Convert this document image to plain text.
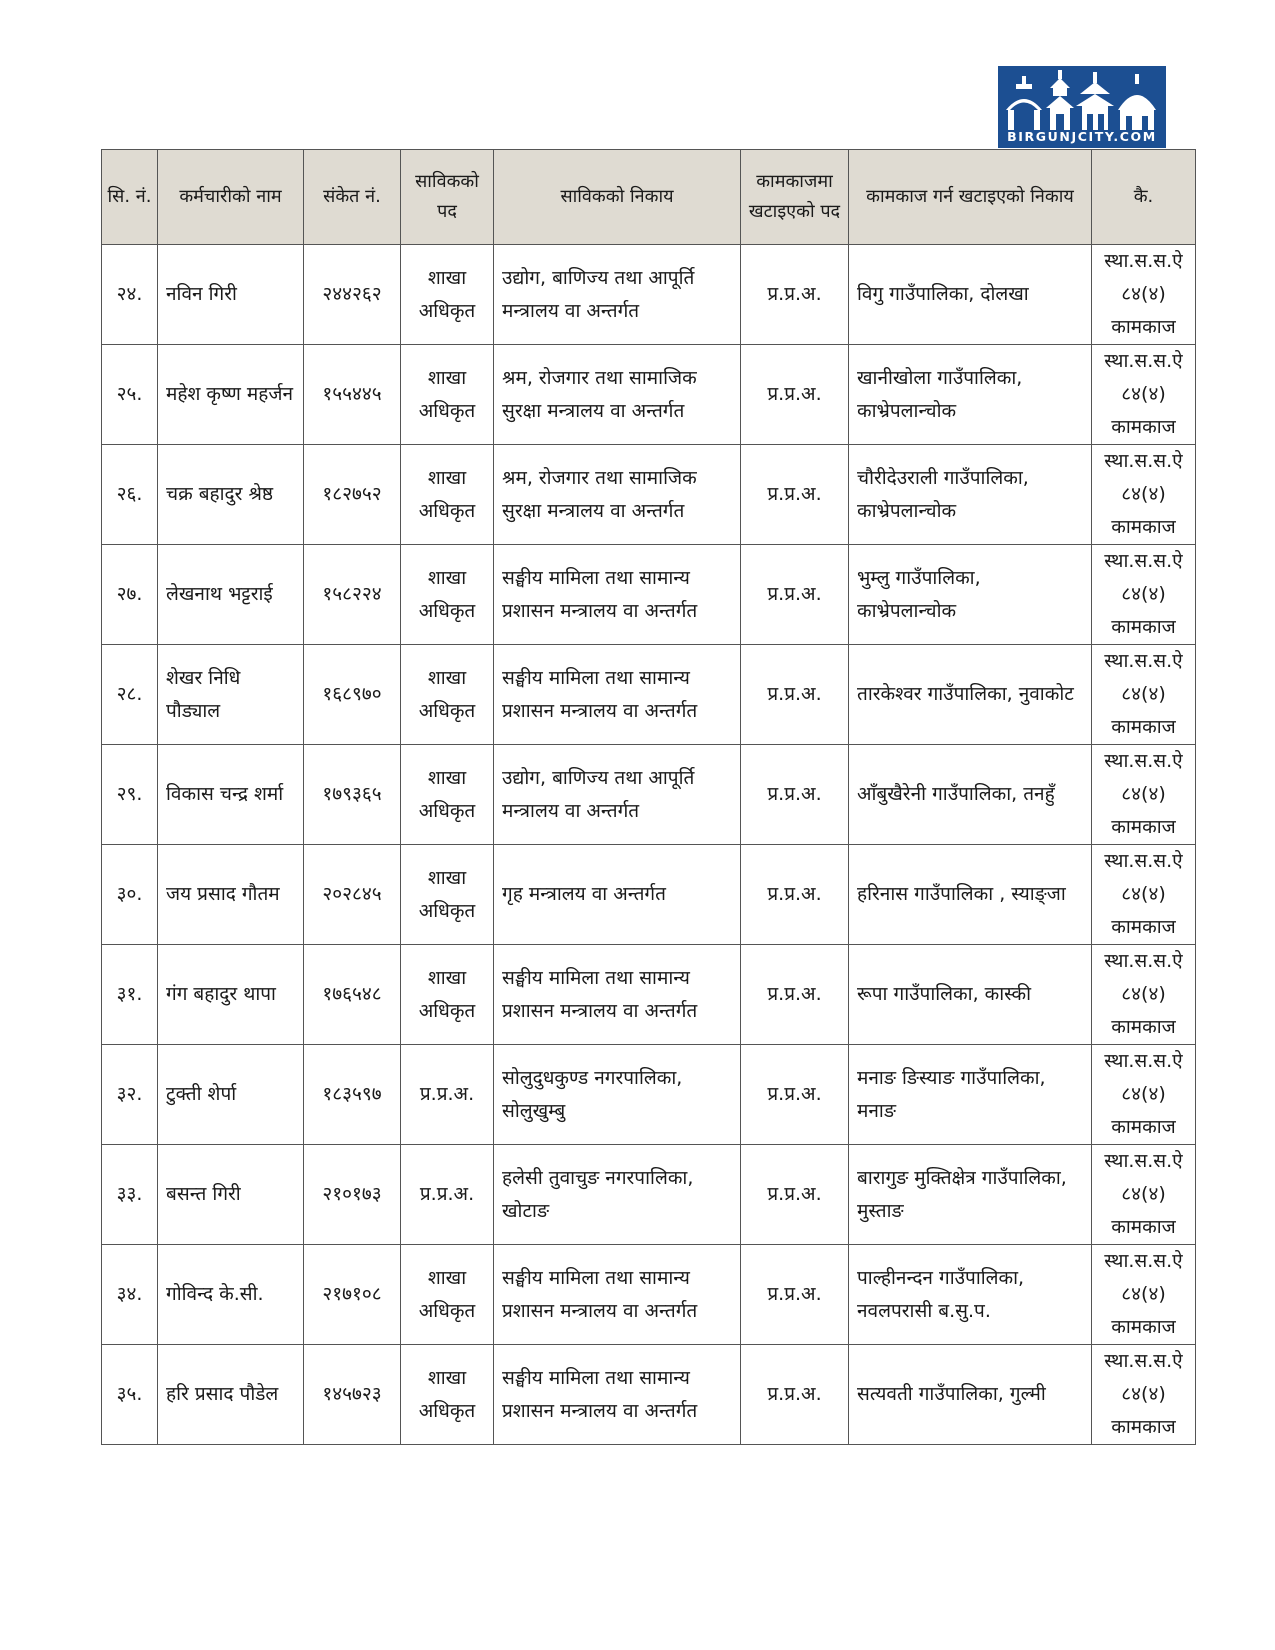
BIRGUNJCITY.COM
सि. नं.	कर्मचारीको नाम	संकेत नं.	साविकको पद	साविकको निकाय	कामकाजमा खटाइएको पद	कामकाज गर्न खटाइएको निकाय	कै.
२४.	नविन गिरी	२४४२६२	शाखा अधिकृत	उद्योग, बाणिज्य तथा आपूर्ति मन्त्रालय वा अन्तर्गत	प्र.प्र.अ.	विगु गाउँपालिका, दोलखा	स्था.स.स.ऐ ८४(४) कामकाज
२५.	महेश कृष्ण महर्जन	१५५४४५	शाखा अधिकृत	श्रम, रोजगार तथा सामाजिक सुरक्षा मन्त्रालय वा अन्तर्गत	प्र.प्र.अ.	खानीखोला गाउँपालिका, काभ्रेपलान्चोक	स्था.स.स.ऐ ८४(४) कामकाज
२६.	चक्र बहादुर श्रेष्ठ	१८२७५२	शाखा अधिकृत	श्रम, रोजगार तथा सामाजिक सुरक्षा मन्त्रालय वा अन्तर्गत	प्र.प्र.अ.	चौरीदेउराली गाउँपालिका, काभ्रेपलान्चोक	स्था.स.स.ऐ ८४(४) कामकाज
२७.	लेखनाथ भट्टराई	१५८२२४	शाखा अधिकृत	सङ्घीय मामिला तथा सामान्य प्रशासन मन्त्रालय वा अन्तर्गत	प्र.प्र.अ.	भुम्लु गाउँपालिका, काभ्रेपलान्चोक	स्था.स.स.ऐ ८४(४) कामकाज
२८.	शेखर निधि पौड्याल	१६८९७०	शाखा अधिकृत	सङ्घीय मामिला तथा सामान्य प्रशासन मन्त्रालय वा अन्तर्गत	प्र.प्र.अ.	तारकेश्वर गाउँपालिका, नुवाकोट	स्था.स.स.ऐ ८४(४) कामकाज
२९.	विकास चन्द्र शर्मा	१७९३६५	शाखा अधिकृत	उद्योग, बाणिज्य तथा आपूर्ति मन्त्रालय वा अन्तर्गत	प्र.प्र.अ.	आँबुखैरेनी गाउँपालिका, तनहुँ	स्था.स.स.ऐ ८४(४) कामकाज
३०.	जय प्रसाद गौतम	२०२८४५	शाखा अधिकृत	गृह मन्त्रालय वा अन्तर्गत	प्र.प्र.अ.	हरिनास गाउँपालिका , स्याङ्जा	स्था.स.स.ऐ ८४(४) कामकाज
३१.	गंग बहादुर थापा	१७६५४८	शाखा अधिकृत	सङ्घीय मामिला तथा सामान्य प्रशासन मन्त्रालय वा अन्तर्गत	प्र.प्र.अ.	रूपा गाउँपालिका, कास्की	स्था.स.स.ऐ ८४(४) कामकाज
३२.	टुक्ती शेर्पा	१८३५९७	प्र.प्र.अ.	सोलुदुधकुण्ड नगरपालिका, सोलुखुम्बु	प्र.प्र.अ.	मनाङ ङिस्याङ गाउँपालिका, मनाङ	स्था.स.स.ऐ ८४(४) कामकाज
३३.	बसन्त गिरी	२१०१७३	प्र.प्र.अ.	हलेसी तुवाचुङ नगरपालिका, खोटाङ	प्र.प्र.अ.	बारागुङ मुक्तिक्षेत्र गाउँपालिका, मुस्ताङ	स्था.स.स.ऐ ८४(४) कामकाज
३४.	गोविन्द के.सी.	२१७१०८	शाखा अधिकृत	सङ्घीय मामिला तथा सामान्य प्रशासन मन्त्रालय वा अन्तर्गत	प्र.प्र.अ.	पाल्हीनन्दन गाउँपालिका, नवलपरासी ब.सु.प.	स्था.स.स.ऐ ८४(४) कामकाज
३५.	हरि प्रसाद पौडेल	१४५७२३	शाखा अधिकृत	सङ्घीय मामिला तथा सामान्य प्रशासन मन्त्रालय वा अन्तर्गत	प्र.प्र.अ.	सत्यवती गाउँपालिका, गुल्मी	स्था.स.स.ऐ ८४(४) कामकाज
